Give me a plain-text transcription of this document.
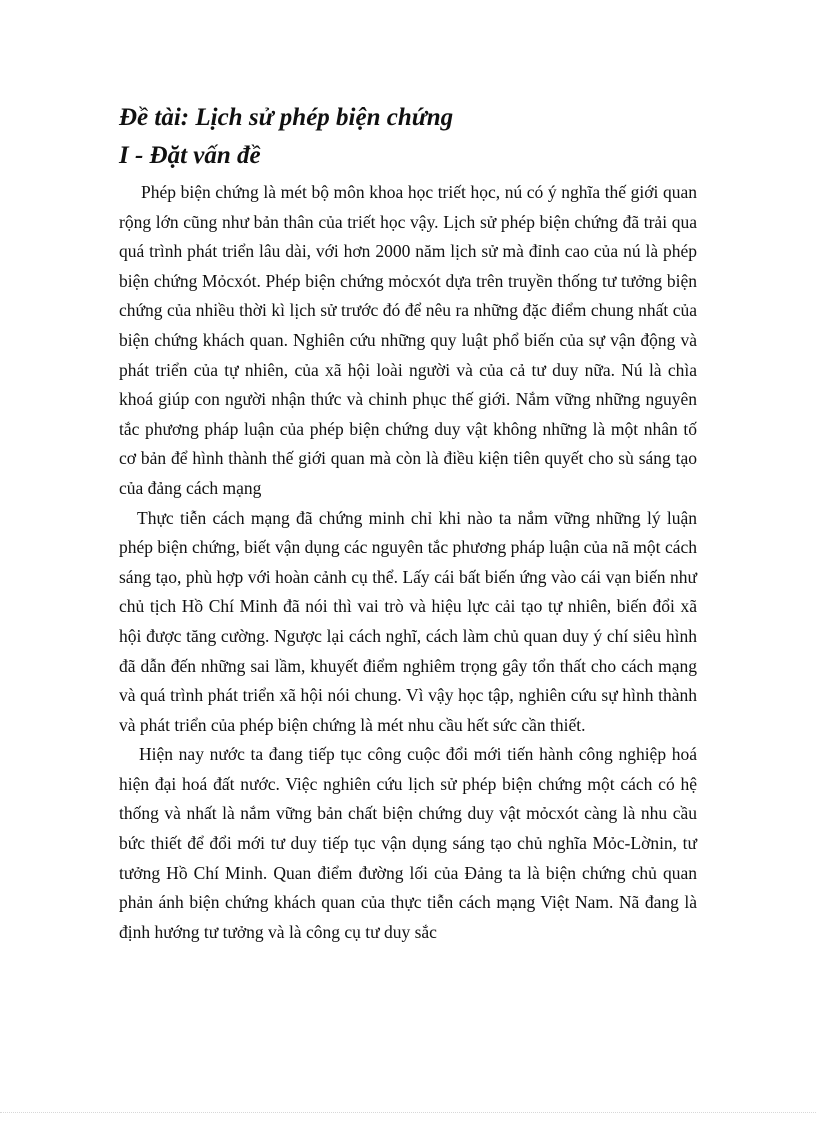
Đề tài: Lịch sử phép biện chứng
I - Đặt vấn đề

Phép biện chứng là mét bộ môn khoa học triết học, nú có ý nghĩa thế giới quan rộng lớn cũng như bản thân của triết học vậy. Lịch sử phép biện chứng đã trải qua quá trình phát triển lâu dài, với hơn 2000 năm lịch sử mà đỉnh cao của nú là phép biện chứng Mỏcxót. Phép biện chứng mỏcxót dựa trên truyền thống tư tưởng biện chứng của nhiều thời kì lịch sử trước đó để nêu ra những đặc điểm chung nhất của biện chứng khách quan. Nghiên cứu những quy luật phổ biến của sự vận động và phát triển của tự nhiên, của xã hội loài người và của cả tư duy nữa. Nú là chìa khoá giúp con người nhận thức và chinh phục thế giới. Nắm vững những nguyên tắc phương pháp luận của phép biện chứng duy vật không những là một nhân tố cơ bản để hình thành thế giới quan mà còn là điều kiện tiên quyết cho sù sáng tạo của đảng cách mạng

Thực tiễn cách mạng đã chứng minh chỉ khi nào ta nắm vững những lý luận phép biện chứng, biết vận dụng các nguyên tắc phương pháp luận của nã một cách sáng tạo, phù hợp với hoàn cảnh cụ thể. Lấy cái bất biến ứng vào cái vạn biến như chủ tịch Hồ Chí Minh đã nói thì vai trò và hiệu lực cải tạo tự nhiên, biến đổi xã hội được tăng cường. Ngược lại cách nghĩ, cách làm chủ quan duy ý chí siêu hình đã dẫn đến những sai lầm, khuyết điểm nghiêm trọng gây tổn thất cho cách mạng và quá trình phát triển xã hội nói chung. Vì vậy học tập, nghiên cứu sự hình thành và phát triển của phép biện chứng là mét nhu cầu hết sức cần thiết.

Hiện nay nước ta đang tiếp tục công cuộc đổi mới tiến hành công nghiệp hoá hiện đại hoá đất nước. Việc nghiên cứu lịch sử phép biện chứng một cách có hệ thống và nhất là nắm vững bản chất biện chứng duy vật mỏcxót càng là nhu cầu bức thiết để đổi mới tư duy tiếp tục vận dụng sáng tạo chủ nghĩa Mỏc-Lờnin, tư tưởng Hồ Chí Minh. Quan điểm đường lối của Đảng ta là biện chứng chủ quan phản ánh biện chứng khách quan của thực tiễn cách mạng Việt Nam. Nã đang là định hướng tư tưởng và là công cụ tư duy sắc
